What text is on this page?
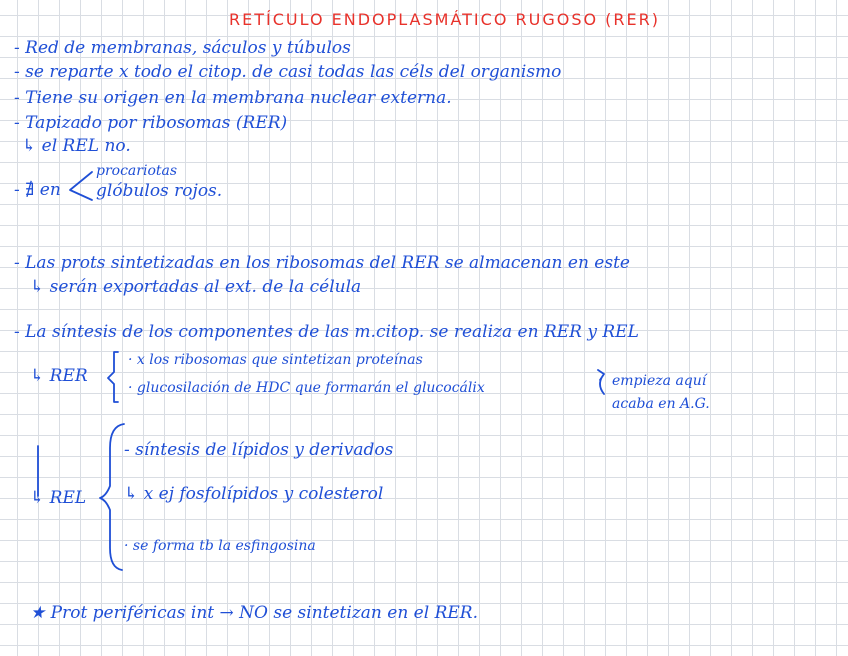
RETÍCULO ENDOPLASMÁTICO RUGOSO (RER)
- Red de membranas, sáculos y túbulos
- se reparte x todo el citop. de casi todas las céls del organismo
- Tiene su origen en la membrana nuclear externa.
- Tapizado por ribosomas (RER)
↳ el REL no.
- ∄ en
procariotas
glóbulos rojos.
- Las prots sintetizadas en los ribosomas del RER se almacenan en este
↳ serán exportadas al ext. de la célula
- La síntesis de los componentes de las m.citop. se realiza en RER y REL
↳ RER
· x los ribosomas que sintetizan proteínas
· glucosilación de HDC que formarán el glucocálix	empieza aquí
acaba en A.G.
↳ REL
- síntesis de lípidos y derivados
↳ x ej fosfolípidos y colesterol
· se forma tb la esfingosina
★ Prot periféricas int → NO se sintetizan en el RER.
